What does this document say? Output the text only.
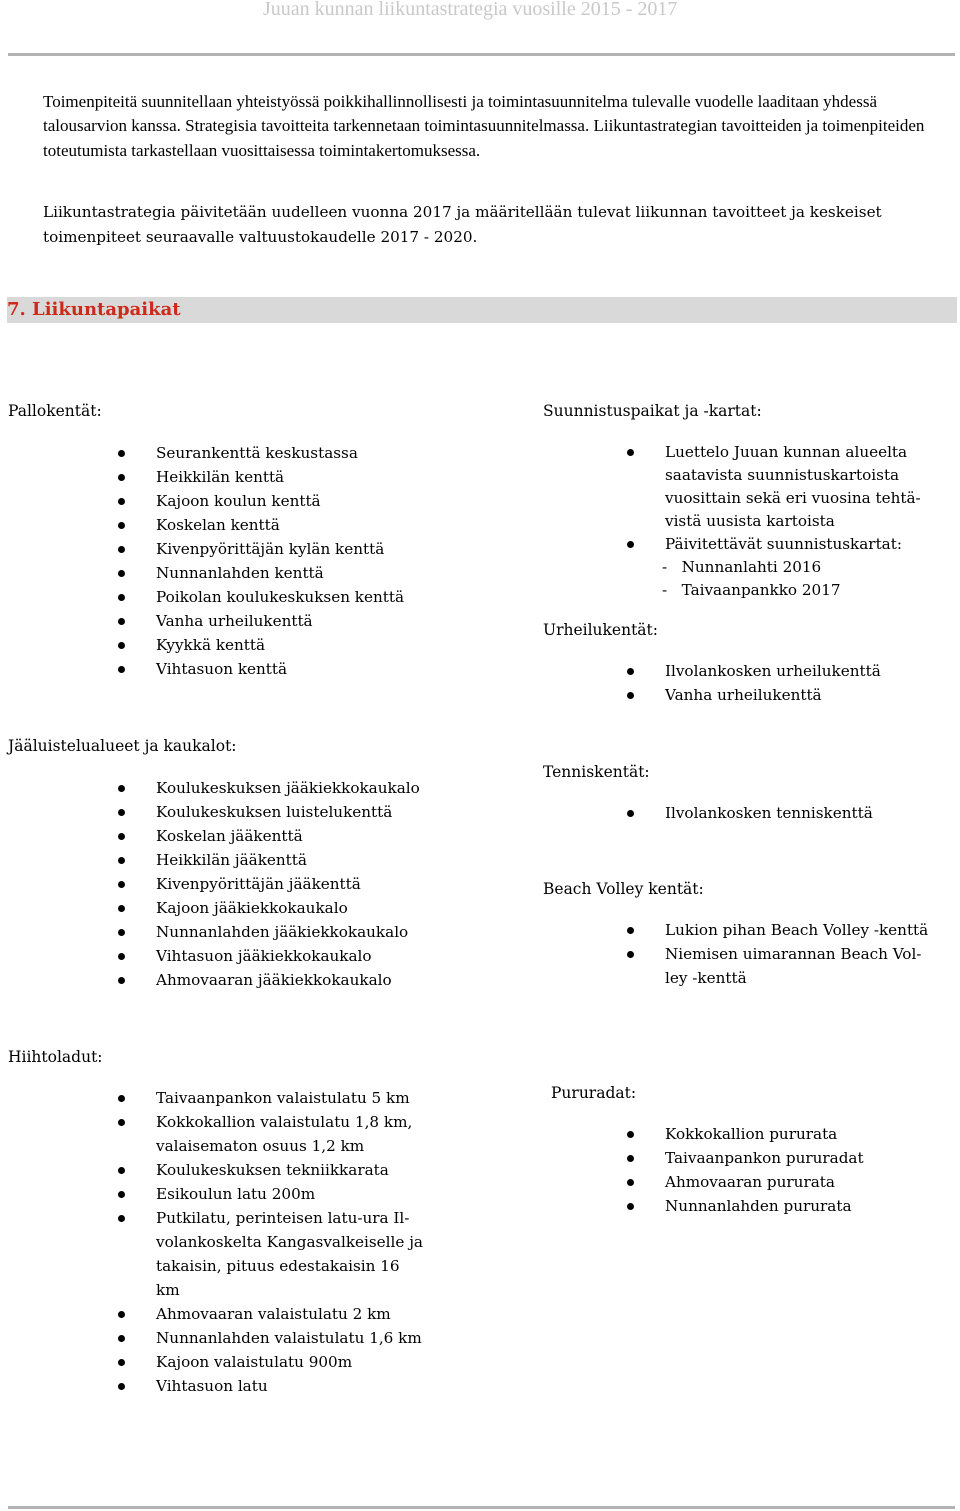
Juuan kunnan liikuntastrategia vuosille 2015 - 2017
Toimenpiteitä suunnitellaan yhteistyössä poikkihallinnollisesti ja toimintasuunnitelma tulevalle vuodelle laaditaan yhdessä talousarvion kanssa. Strategisia tavoitteita tarkennetaan toimintasuunnitelmassa. Liikuntastrategian tavoitteiden ja toimenpiteiden toteutumista tarkastellaan vuosittaisessa toimintakertomuksessa.
Liikuntastrategia päivitetään uudelleen vuonna 2017 ja määritellään tulevat liikunnan tavoitteet ja keskeiset toimenpiteet seuraavalle valtuustokaudelle 2017 - 2020.
7. Liikuntapaikat
Pallokentät:
Seurankenttä keskustassa
Heikkilän kenttä
Kajoon koulun kenttä
Koskelan kenttä
Kivenpyörittäjän kylän kenttä
Nunnanlahden kenttä
Poikolan koulukeskuksen kenttä
Vanha urheilukenttä
Kyykkä kenttä
Vihtasuon kenttä
Suunnistuspaikat ja -kartat:
Luettelo Juuan kunnan alueelta
saatavista suunnistuskartoista
vuosittain sekä eri vuosina tehtä-
vistä uusista kartoista
Päivitettävät suunnistuskartat:
-   Nunnanlahti 2016
-   Taivaanpankko 2017
Urheilukentät:
Ilvolankosken urheilukenttä
Vanha urheilukenttä
Jääluistelualueet ja kaukalot:
Koulukeskuksen jääkiekkokaukalo
Koulukeskuksen luistelukenttä
Koskelan jääkenttä
Heikkilän jääkenttä
Kivenpyörittäjän jääkenttä
Kajoon jääkiekkokaukalo
Nunnanlahden jääkiekkokaukalo
Vihtasuon jääkiekkokaukalo
Ahmovaaran jääkiekkokaukalo
Tenniskentät:
Ilvolankosken tenniskenttä
Beach Volley kentät:
Lukion pihan Beach Volley -kenttä
Niemisen uimarannan Beach Vol-
ley -kenttä
Hiihtoladut:
Taivaanpankon valaistulatu 5 km
Kokkokallion valaistulatu 1,8 km,
valaisematon osuus 1,2 km
Koulukeskuksen tekniikkarata
Esikoulun latu 200m
Putkilatu, perinteisen latu-ura Il-
volankoskelta Kangasvalkeiselle ja
takaisin, pituus edestakaisin 16
km
Ahmovaaran valaistulatu 2 km
Nunnanlahden valaistulatu 1,6 km
Kajoon valaistulatu 900m
Vihtasuon latu
Pururadat:
Kokkokallion pururata
Taivaanpankon pururadat
Ahmovaaran pururata
Nunnanlahden pururata
